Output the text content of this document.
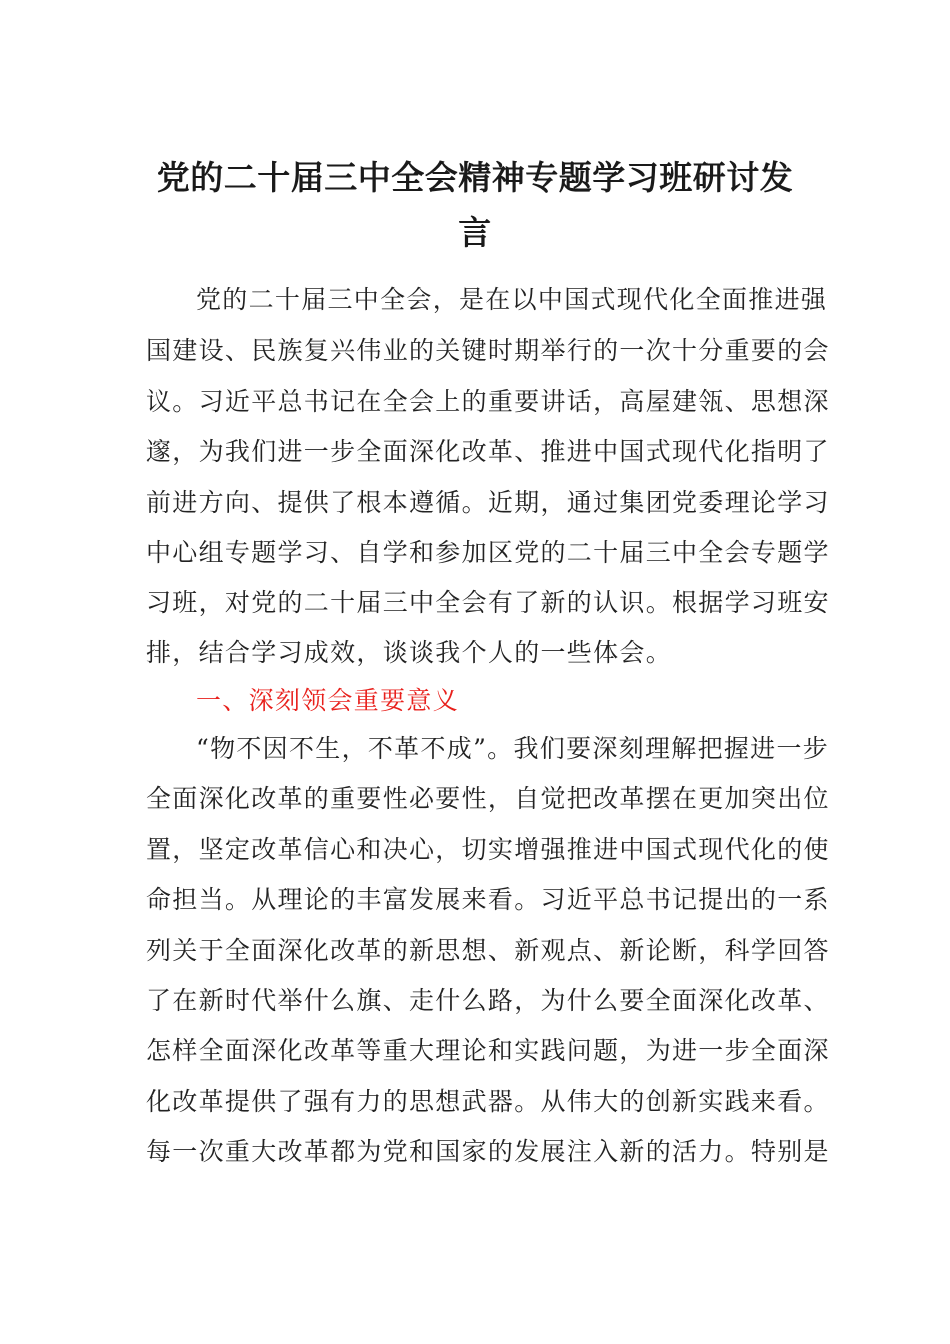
党的二十届三中全会精神专题学习班研讨发
言
党的二十届三中全会，是在以中国式现代化全面推进强
国建设、民族复兴伟业的关键时期举行的一次十分重要的会
议。习近平总书记在全会上的重要讲话，高屋建瓴、思想深
邃，为我们进一步全面深化改革、推进中国式现代化指明了
前进方向、提供了根本遵循。近期，通过集团党委理论学习
中心组专题学习、自学和参加区党的二十届三中全会专题学
习班，对党的二十届三中全会有了新的认识。根据学习班安
排，结合学习成效，谈谈我个人的一些体会。
一、深刻领会重要意义
“物不因不生，不革不成”。我们要深刻理解把握进一步
全面深化改革的重要性必要性，自觉把改革摆在更加突出位
置，坚定改革信心和决心，切实增强推进中国式现代化的使
命担当。从理论的丰富发展来看。习近平总书记提出的一系
列关于全面深化改革的新思想、新观点、新论断，科学回答
了在新时代举什么旗、走什么路，为什么要全面深化改革、
怎样全面深化改革等重大理论和实践问题，为进一步全面深
化改革提供了强有力的思想武器。从伟大的创新实践来看。
每一次重大改革都为党和国家的发展注入新的活力。特别是
